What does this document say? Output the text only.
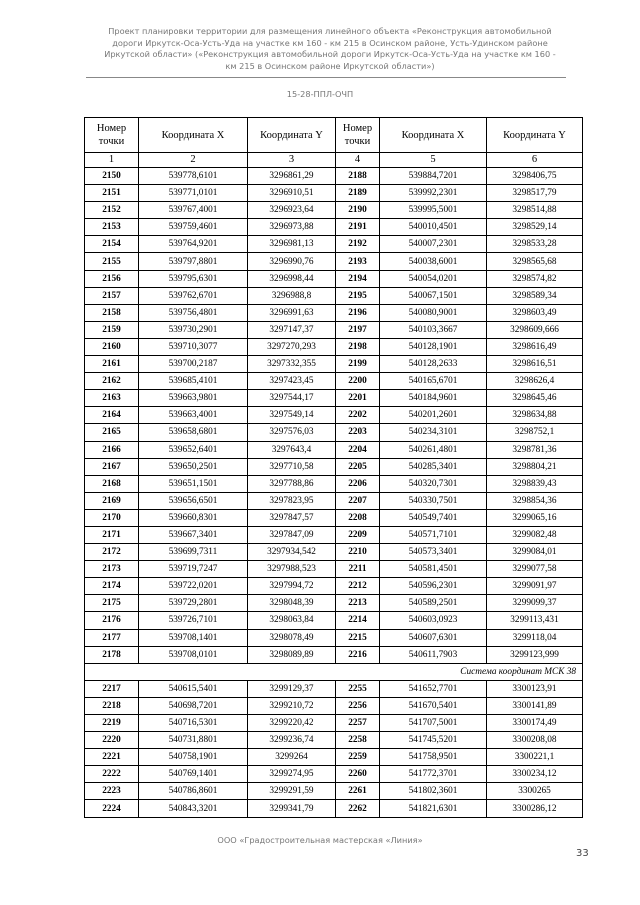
Проект планировки территории для размещения линейного объекта «Реконструкция автомобильной
дороги Иркутск-Оса-Усть-Уда на участке км 160 - км 215 в Осинском районе, Усть-Удинском районе
Иркутской области» («Реконструкция автомобильной дороги Иркутск-Оса-Усть-Уда на участке км 160 -
км 215 в Осинском районе Иркутской области»)
15-28-ППЛ-ОЧП
Номер точки	Координата X	Координата Y	Номер точки	Координата X	Координата Y
1	2	3	4	5	6
2150	539778,6101	3296861,29	2188	539884,7201	3298406,75
2151	539771,0101	3296910,51	2189	539992,2301	3298517,79
2152	539767,4001	3296923,64	2190	539995,5001	3298514,88
2153	539759,4601	3296973,88	2191	540010,4501	3298529,14
2154	539764,9201	3296981,13	2192	540007,2301	3298533,28
2155	539797,8801	3296990,76	2193	540038,6001	3298565,68
2156	539795,6301	3296998,44	2194	540054,0201	3298574,82
2157	539762,6701	3296988,8	2195	540067,1501	3298589,34
2158	539756,4801	3296991,63	2196	540080,9001	3298603,49
2159	539730,2901	3297147,37	2197	540103,3667	3298609,666
2160	539710,3077	3297270,293	2198	540128,1901	3298616,49
2161	539700,2187	3297332,355	2199	540128,2633	3298616,51
2162	539685,4101	3297423,45	2200	540165,6701	3298626,4
2163	539663,9801	3297544,17	2201	540184,9601	3298645,46
2164	539663,4001	3297549,14	2202	540201,2601	3298634,88
2165	539658,6801	3297576,03	2203	540234,3101	3298752,1
2166	539652,6401	3297643,4	2204	540261,4801	3298781,36
2167	539650,2501	3297710,58	2205	540285,3401	3298804,21
2168	539651,1501	3297788,86	2206	540320,7301	3298839,43
2169	539656,6501	3297823,95	2207	540330,7501	3298854,36
2170	539660,8301	3297847,57	2208	540549,7401	3299065,16
2171	539667,3401	3297847,09	2209	540571,7101	3299082,48
2172	539699,7311	3297934,542	2210	540573,3401	3299084,01
2173	539719,7247	3297988,523	2211	540581,4501	3299077,58
2174	539722,0201	3297994,72	2212	540596,2301	3299091,97
2175	539729,2801	3298048,39	2213	540589,2501	3299099,37
2176	539726,7101	3298063,84	2214	540603,0923	3299113,431
2177	539708,1401	3298078,49	2215	540607,6301	3299118,04
2178	539708,0101	3298089,89	2216	540611,7903	3299123,999
Система координат МСК 38					
2217	540615,5401	3299129,37	2255	541652,7701	3300123,91
2218	540698,7201	3299210,72	2256	541670,5401	3300141,89
2219	540716,5301	3299220,42	2257	541707,5001	3300174,49
2220	540731,8801	3299236,74	2258	541745,5201	3300208,08
2221	540758,1901	3299264	2259	541758,9501	3300221,1
2222	540769,1401	3299274,95	2260	541772,3701	3300234,12
2223	540786,8601	3299291,59	2261	541802,3601	3300265
2224	540843,3201	3299341,79	2262	541821,6301	3300286,12
ООО «Градостроительная мастерская «Линия»
33
